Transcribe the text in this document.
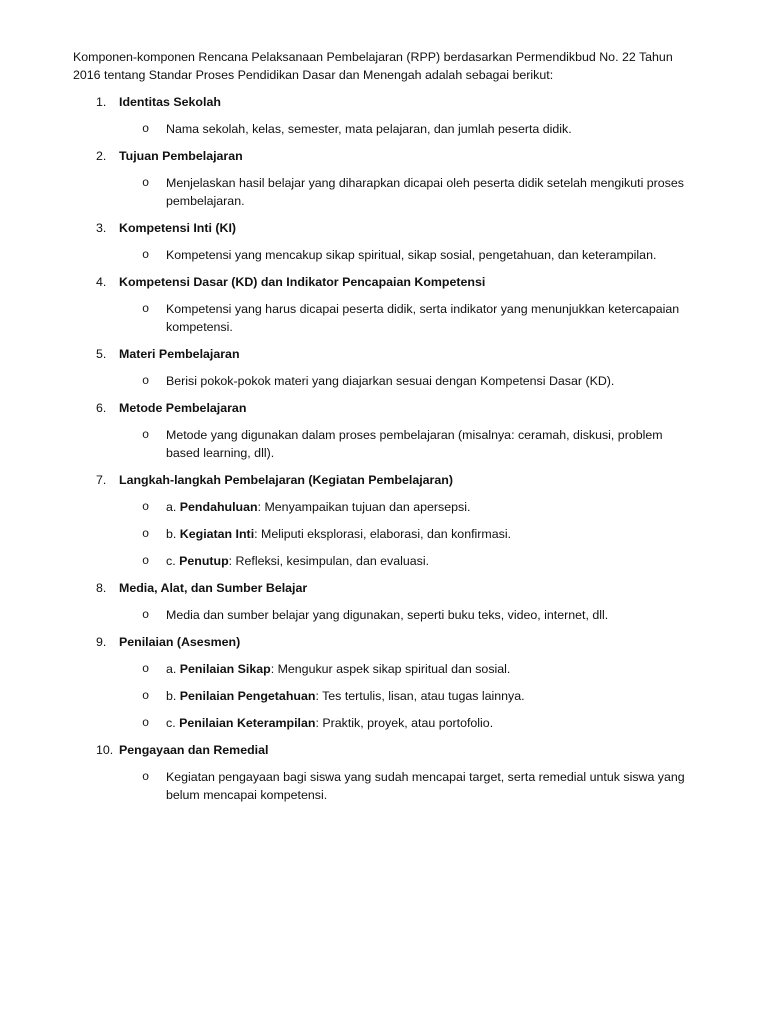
Komponen-komponen Rencana Pelaksanaan Pembelajaran (RPP) berdasarkan Permendikbud No. 22 Tahun 2016 tentang Standar Proses Pendidikan Dasar dan Menengah adalah sebagai berikut:

1.	Identitas Sekolah
o Nama sekolah, kelas, semester, mata pelajaran, dan jumlah peserta didik.
2.	Tujuan Pembelajaran
o Menjelaskan hasil belajar yang diharapkan dicapai oleh peserta didik setelah mengikuti proses pembelajaran.
3.	Kompetensi Inti (KI)
o Kompetensi yang mencakup sikap spiritual, sikap sosial, pengetahuan, dan keterampilan.
4.	Kompetensi Dasar (KD) dan Indikator Pencapaian Kompetensi
o Kompetensi yang harus dicapai peserta didik, serta indikator yang menunjukkan ketercapaian kompetensi.
5.	Materi Pembelajaran
o Berisi pokok-pokok materi yang diajarkan sesuai dengan Kompetensi Dasar (KD).
6.	Metode Pembelajaran
o Metode yang digunakan dalam proses pembelajaran (misalnya: ceramah, diskusi, problem based learning, dll).
7.	Langkah-langkah Pembelajaran (Kegiatan Pembelajaran)
o a. Pendahuluan: Menyampaikan tujuan dan apersepsi.
o b. Kegiatan Inti: Meliputi eksplorasi, elaborasi, dan konfirmasi.
o c. Penutup: Refleksi, kesimpulan, dan evaluasi.
8.	Media, Alat, dan Sumber Belajar
o Media dan sumber belajar yang digunakan, seperti buku teks, video, internet, dll.
9.	Penilaian (Asesmen)
o a. Penilaian Sikap: Mengukur aspek sikap spiritual dan sosial.
o b. Penilaian Pengetahuan: Tes tertulis, lisan, atau tugas lainnya.
o c. Penilaian Keterampilan: Praktik, proyek, atau portofolio.
10. Pengayaan dan Remedial
o Kegiatan pengayaan bagi siswa yang sudah mencapai target, serta remedial untuk siswa yang belum mencapai kompetensi.
